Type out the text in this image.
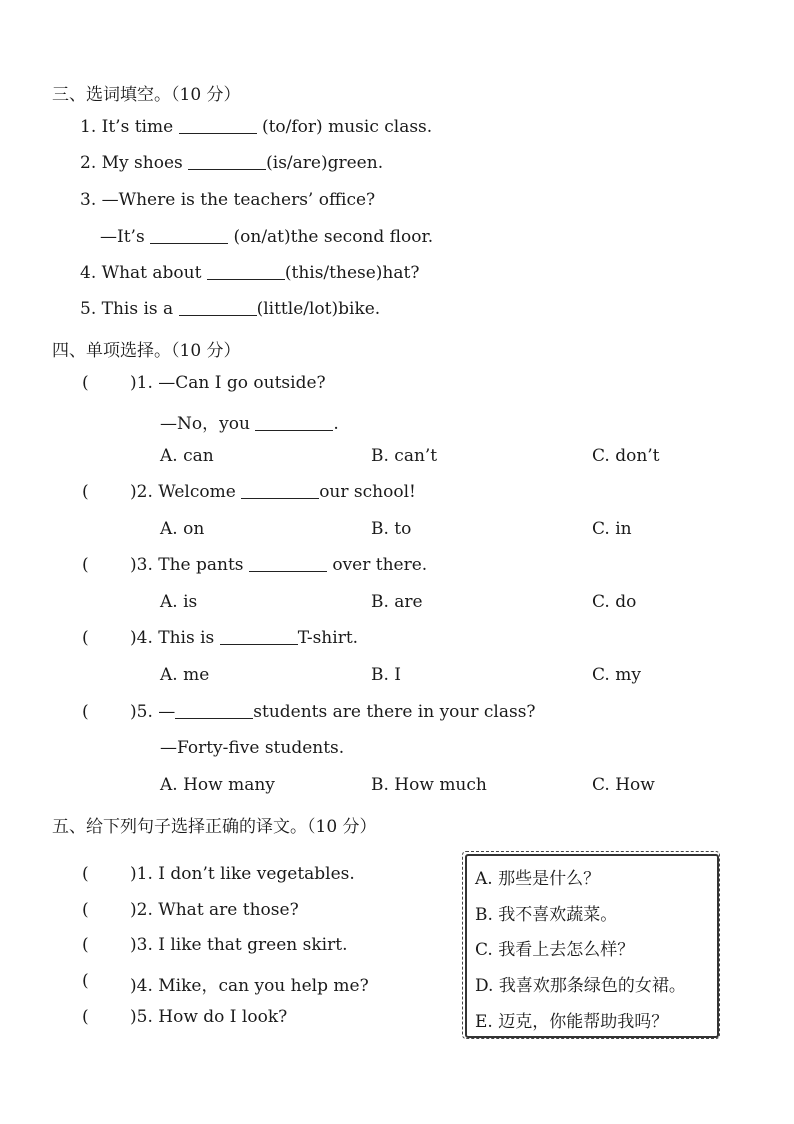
三、选词填空。（10 分）
1. It’s time	(to/for) music class.
2. My shoes	(is/are)green.
3. —Where is the teachers’ office?
—It’s	(on/at)the second floor.
4. What about	(this/these)hat?
5. This is a	(little/lot)bike.
四、单项选择。（10 分）
( )1. —Can I go outside?
—No，you	.
A. can	B. can’t	C. don’t
( )2. Welcome	our school!
A. on	B. to	C. in
( )3. The pants	over there.
A. is	B. are	C. do
( )4. This is	T-shirt.
A. me	B. I	C. my
( )5. —	students are there in your class?
—Forty-five students.
A. How many	B. How much	C. How
五、给下列句子选择正确的译文。（10 分）
( )1. I don’t like vegetables.
( )2. What are those?
( )3. I like that green skirt.
( )4. Mike，can you help me?
( )5. How do I look?
A. 那些是什么？
B. 我不喜欢蔬菜。
C. 我看上去怎么样？
D. 我喜欢那条绿色的女裙。
E. 迈克，你能帮助我吗？
